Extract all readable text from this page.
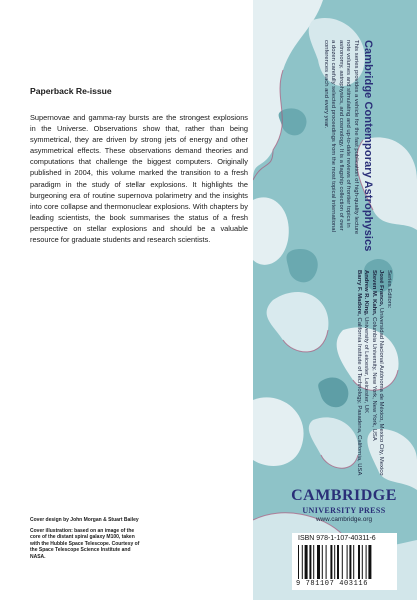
Paperback Re-issue

Supernovae and gamma-ray bursts are the strongest explosions in the Universe. Observations show that, rather than being symmetrical, they are driven by strong jets of energy and other asymmetrical effects. These observations demand theories and computations that challenge the biggest computers. Originally published in 2004, this volume marked the transition to a fresh paradigm in the study of stellar explosions. It highlights the burgeoning era of routine supernova polarimetry and the insights into core collapse and thermonuclear explosions. With chapters by leading scientists, the book summarises the status of a fresh perspective on stellar explosions and should be a valuable resource for graduate students and research scientists.

Cover design by John Morgan & Stuart Bailey

Cover illustration: based on an image of the core of the distant spiral galaxy M100, taken with the Hubble Space Telescope. Courtesy of the Space Telescope Science Institute and NASA.

Cambridge Contemporary Astrophysics
This series provides a vehicle for the fast publication of high-quality lecture note volumes and stimulating and up-to-date reviews of frontier topics in astronomy, astrophysics, and cosmology. It is a flagship collection of over a dozen carefully selected proceedings from the most topical international conferences each and every year.

Series Editors:

José Franco, Universidad Nacional Autónoma de México, Mexico City, Mexico

Steven M. Kahn, Columbia University, New York, New York, USA

Andrew R. King, University of Leicester, Leicester, UK

Barry F. Madore, California Institute of Technology, Pasadena, California, USA

CAMBRIDGE
UNIVERSITY PRESS
www.cambridge.org
ISBN 978-1-107-40311-6
9 781107 403116
